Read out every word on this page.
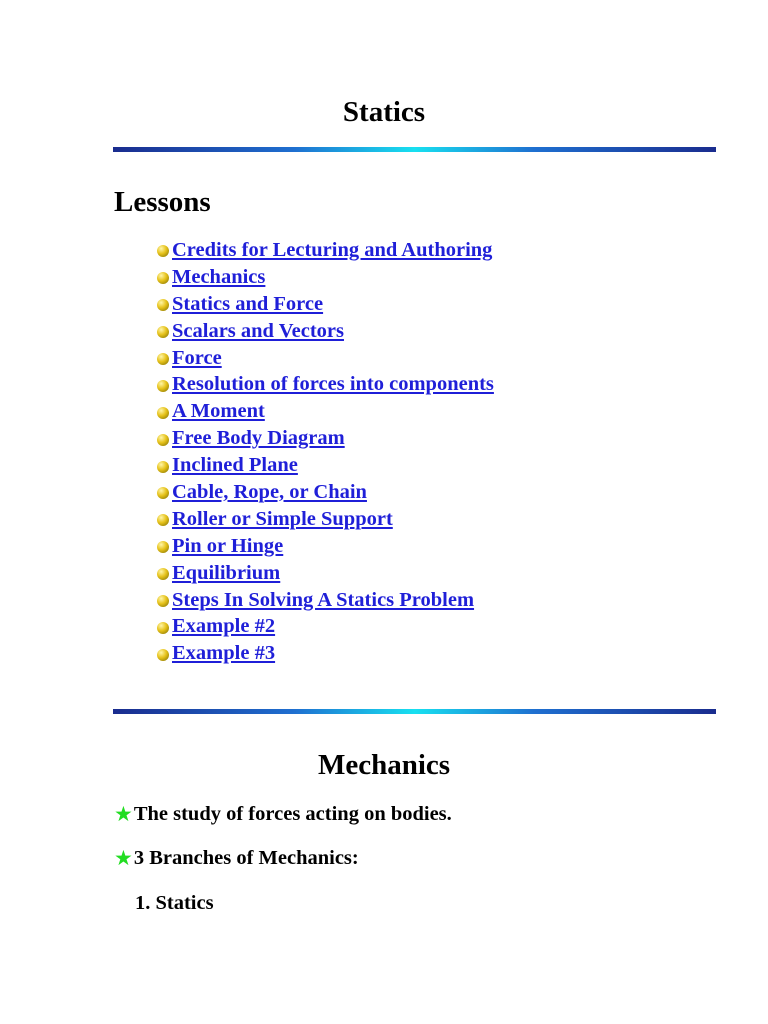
Statics
Lessons
Credits for Lecturing and Authoring
Mechanics
Statics and Force
Scalars and Vectors
Force
Resolution of forces into components
A Moment
Free Body Diagram
Inclined Plane
Cable, Rope, or Chain
Roller or Simple Support
Pin or Hinge
Equilibrium
Steps In Solving A Statics Problem
Example #2
Example #3
Mechanics
★ The study of forces acting on bodies.
★ 3 Branches of Mechanics:
1. Statics
